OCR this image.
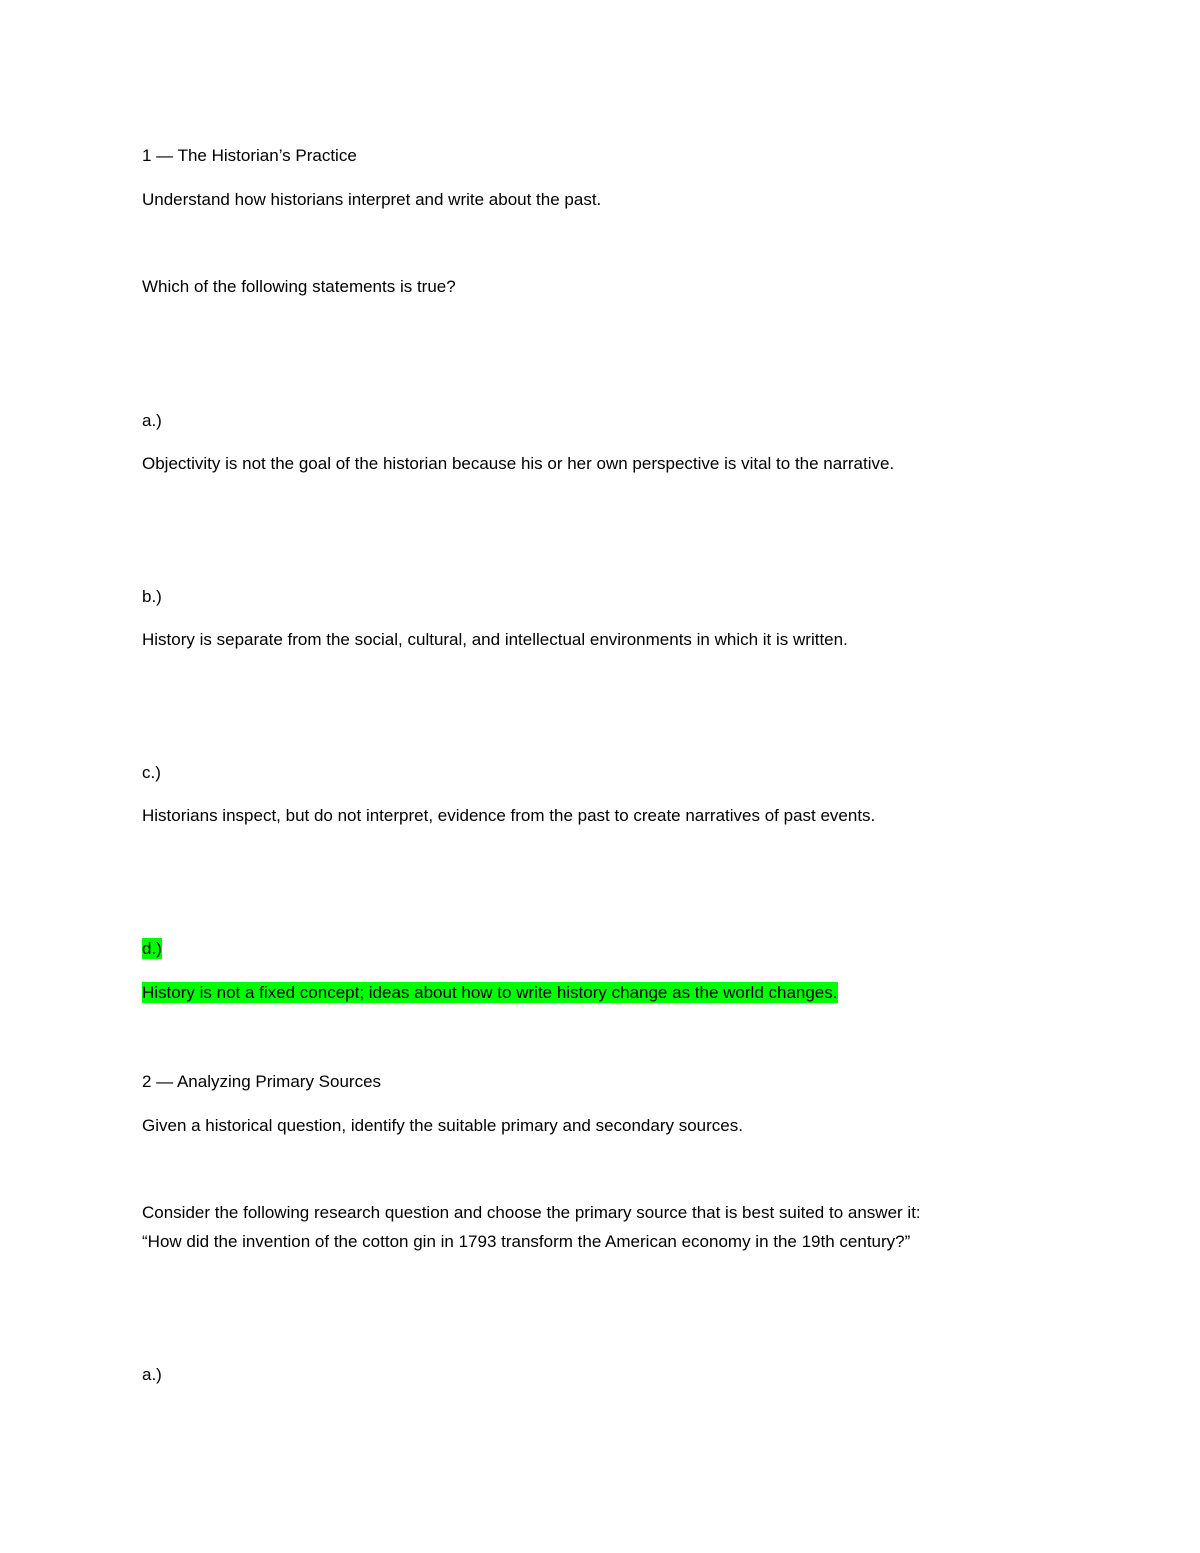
1 — The Historian’s Practice

Understand how historians interpret and write about the past.

Which of the following statements is true?

a.)

Objectivity is not the goal of the historian because his or her own perspective is vital to the narrative.

b.)

History is separate from the social, cultural, and intellectual environments in which it is written.

c.)

Historians inspect, but do not interpret, evidence from the past to create narratives of past events.

d.)

History is not a fixed concept; ideas about how to write history change as the world changes.

2 — Analyzing Primary Sources

Given a historical question, identify the suitable primary and secondary sources.

Consider the following research question and choose the primary source that is best suited to answer it:

“How did the invention of the cotton gin in 1793 transform the American economy in the 19th century?”

a.)
